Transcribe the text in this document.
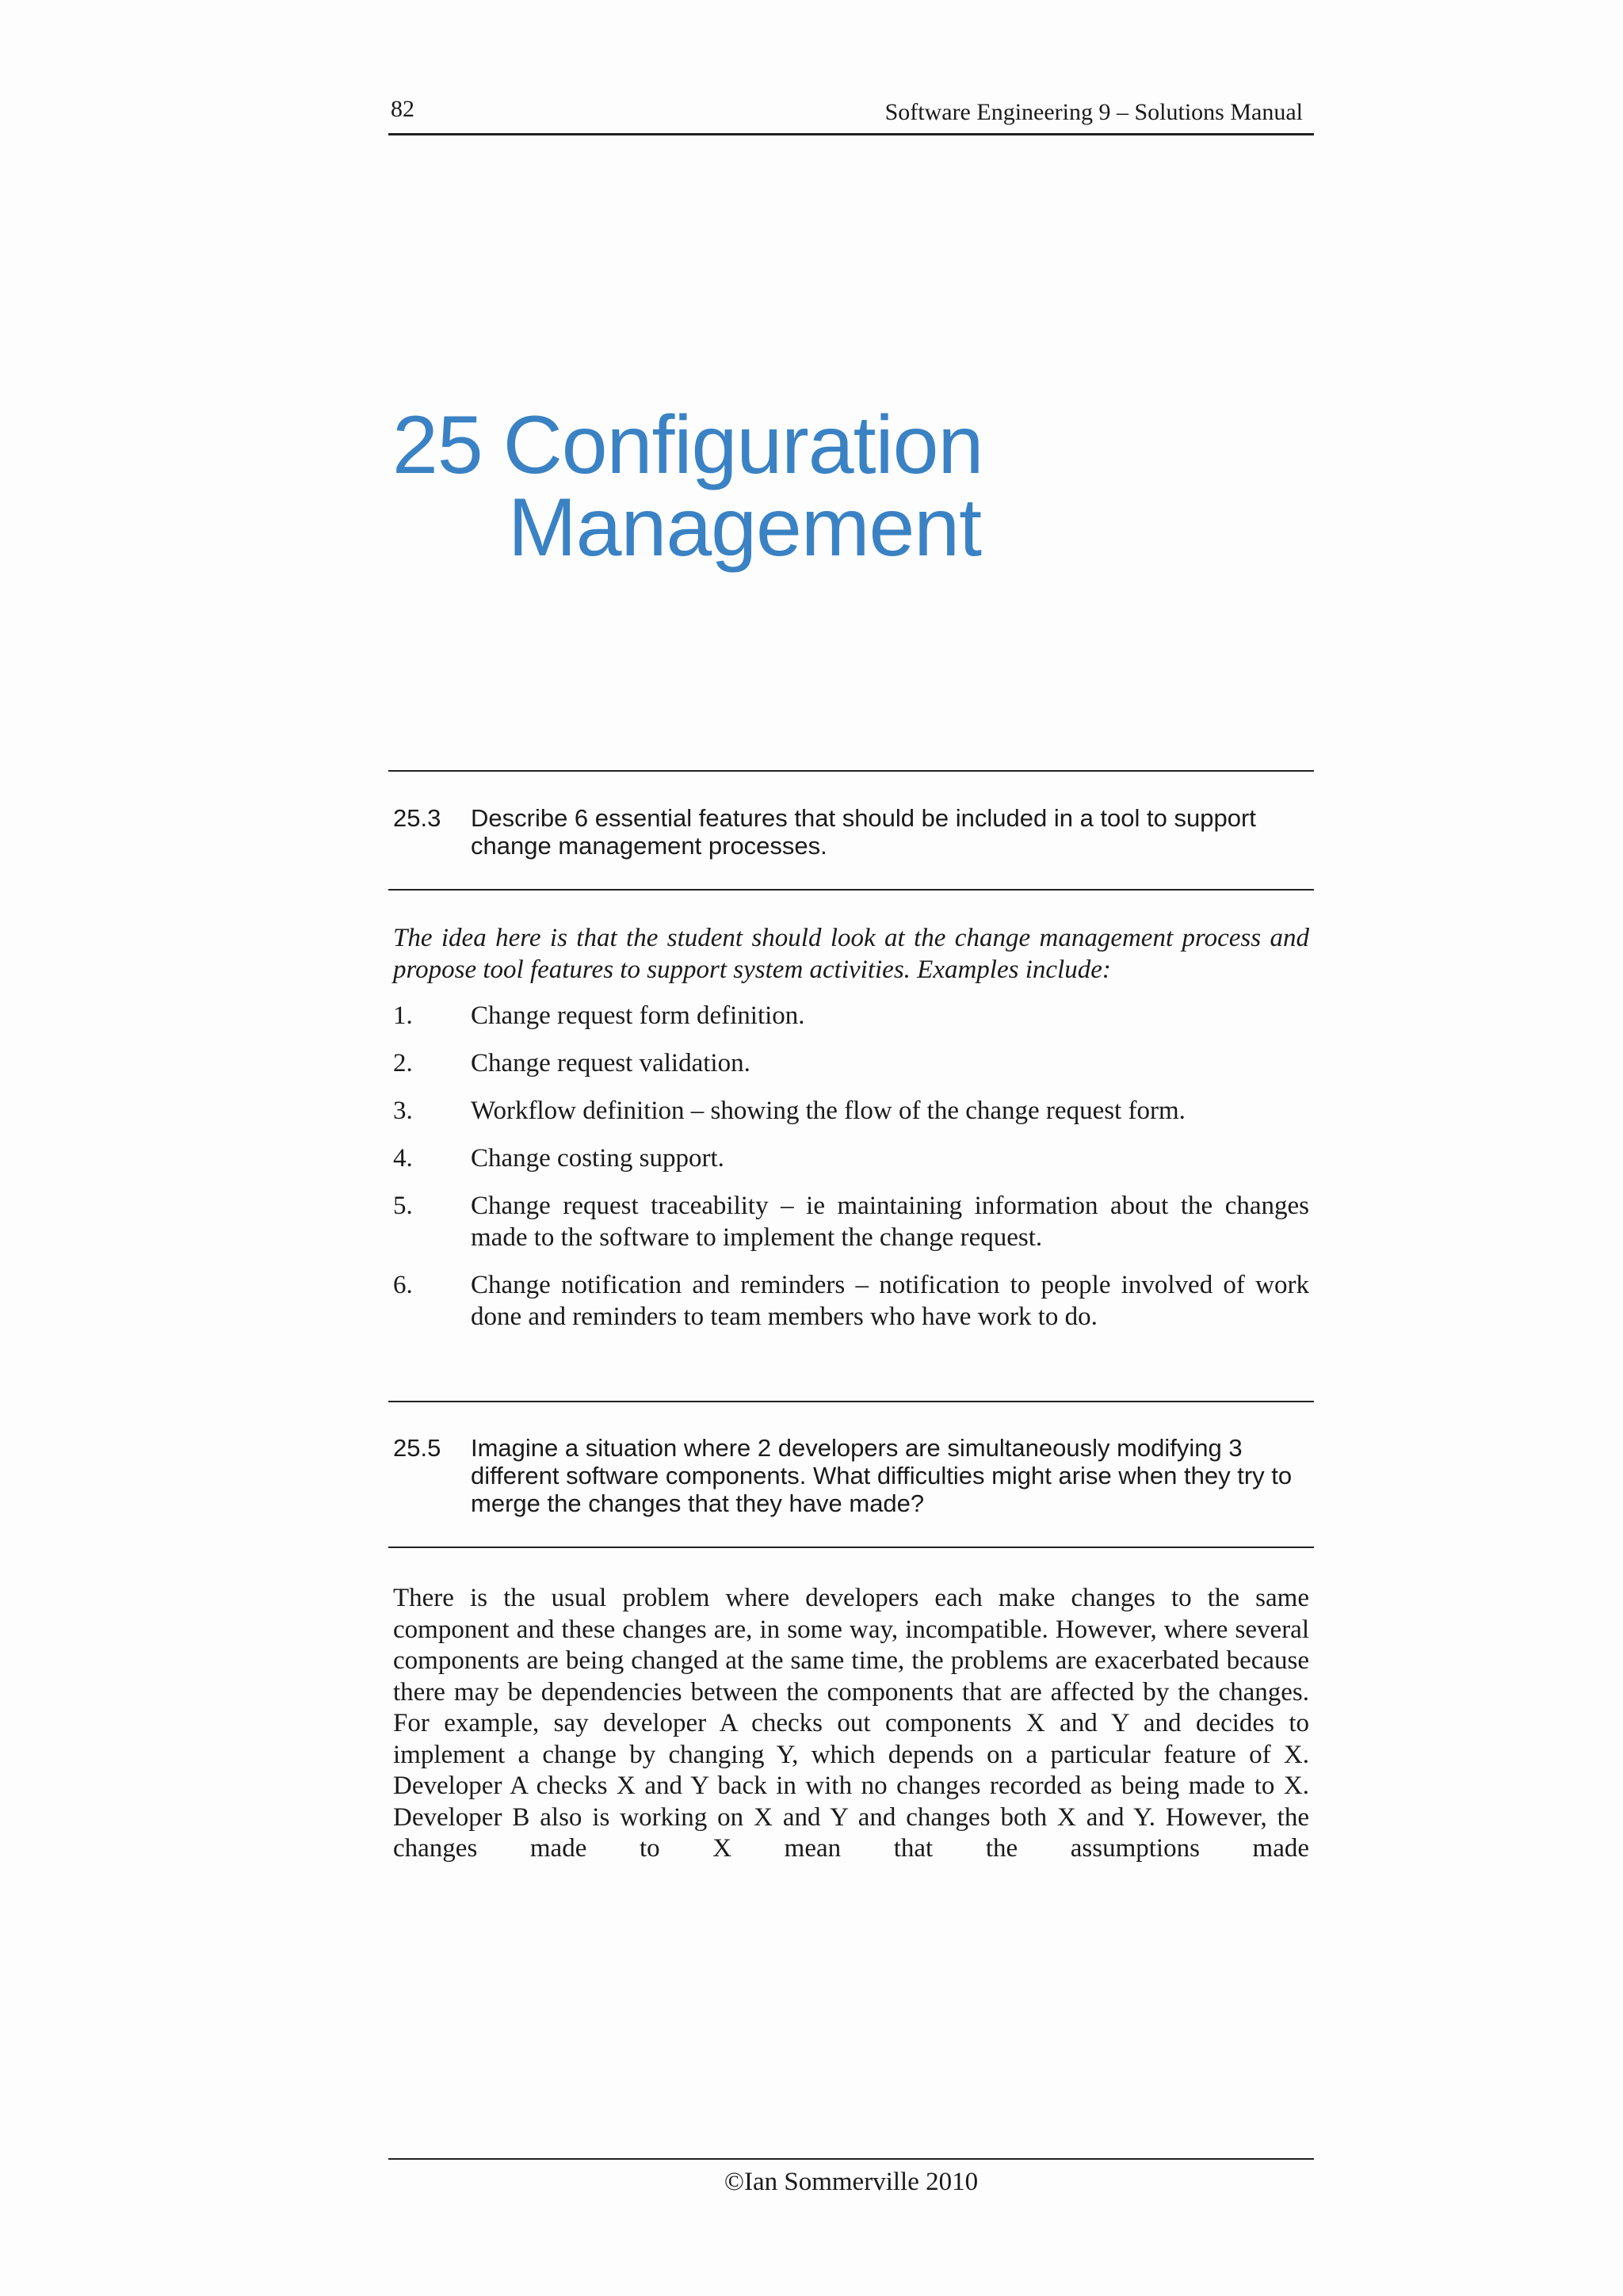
82	Software Engineering 9 – Solutions Manual
25 Configuration
Management
25.3 Describe 6 essential features that should be included in a tool to support change management processes.

The idea here is that the student should look at the change management process and propose tool features to support system activities. Examples include:

1. Change request form definition.
2. Change request validation.
3. Workflow definition – showing the flow of the change request form.
4. Change costing support.
5. Change request traceability – ie maintaining information about the changes made to the software to implement the change request.
6. Change notification and reminders – notification to people involved of work done and reminders to team members who have work to do.
25.5 Imagine a situation where 2 developers are simultaneously modifying 3 different software components. What difficulties might arise when they try to merge the changes that they have made?

There is the usual problem where developers each make changes to the same component and these changes are, in some way, incompatible. However, where several components are being changed at the same time, the problems are exacerbated because there may be dependencies between the components that are affected by the changes. For example, say developer A checks out components X and Y and decides to implement a change by changing Y, which depends on a particular feature of X. Developer A checks X and Y back in with no changes recorded as being made to X. Developer B also is working on X and Y and changes both X and Y. However, the changes made to X mean that the assumptions made

©Ian Sommerville 2010
